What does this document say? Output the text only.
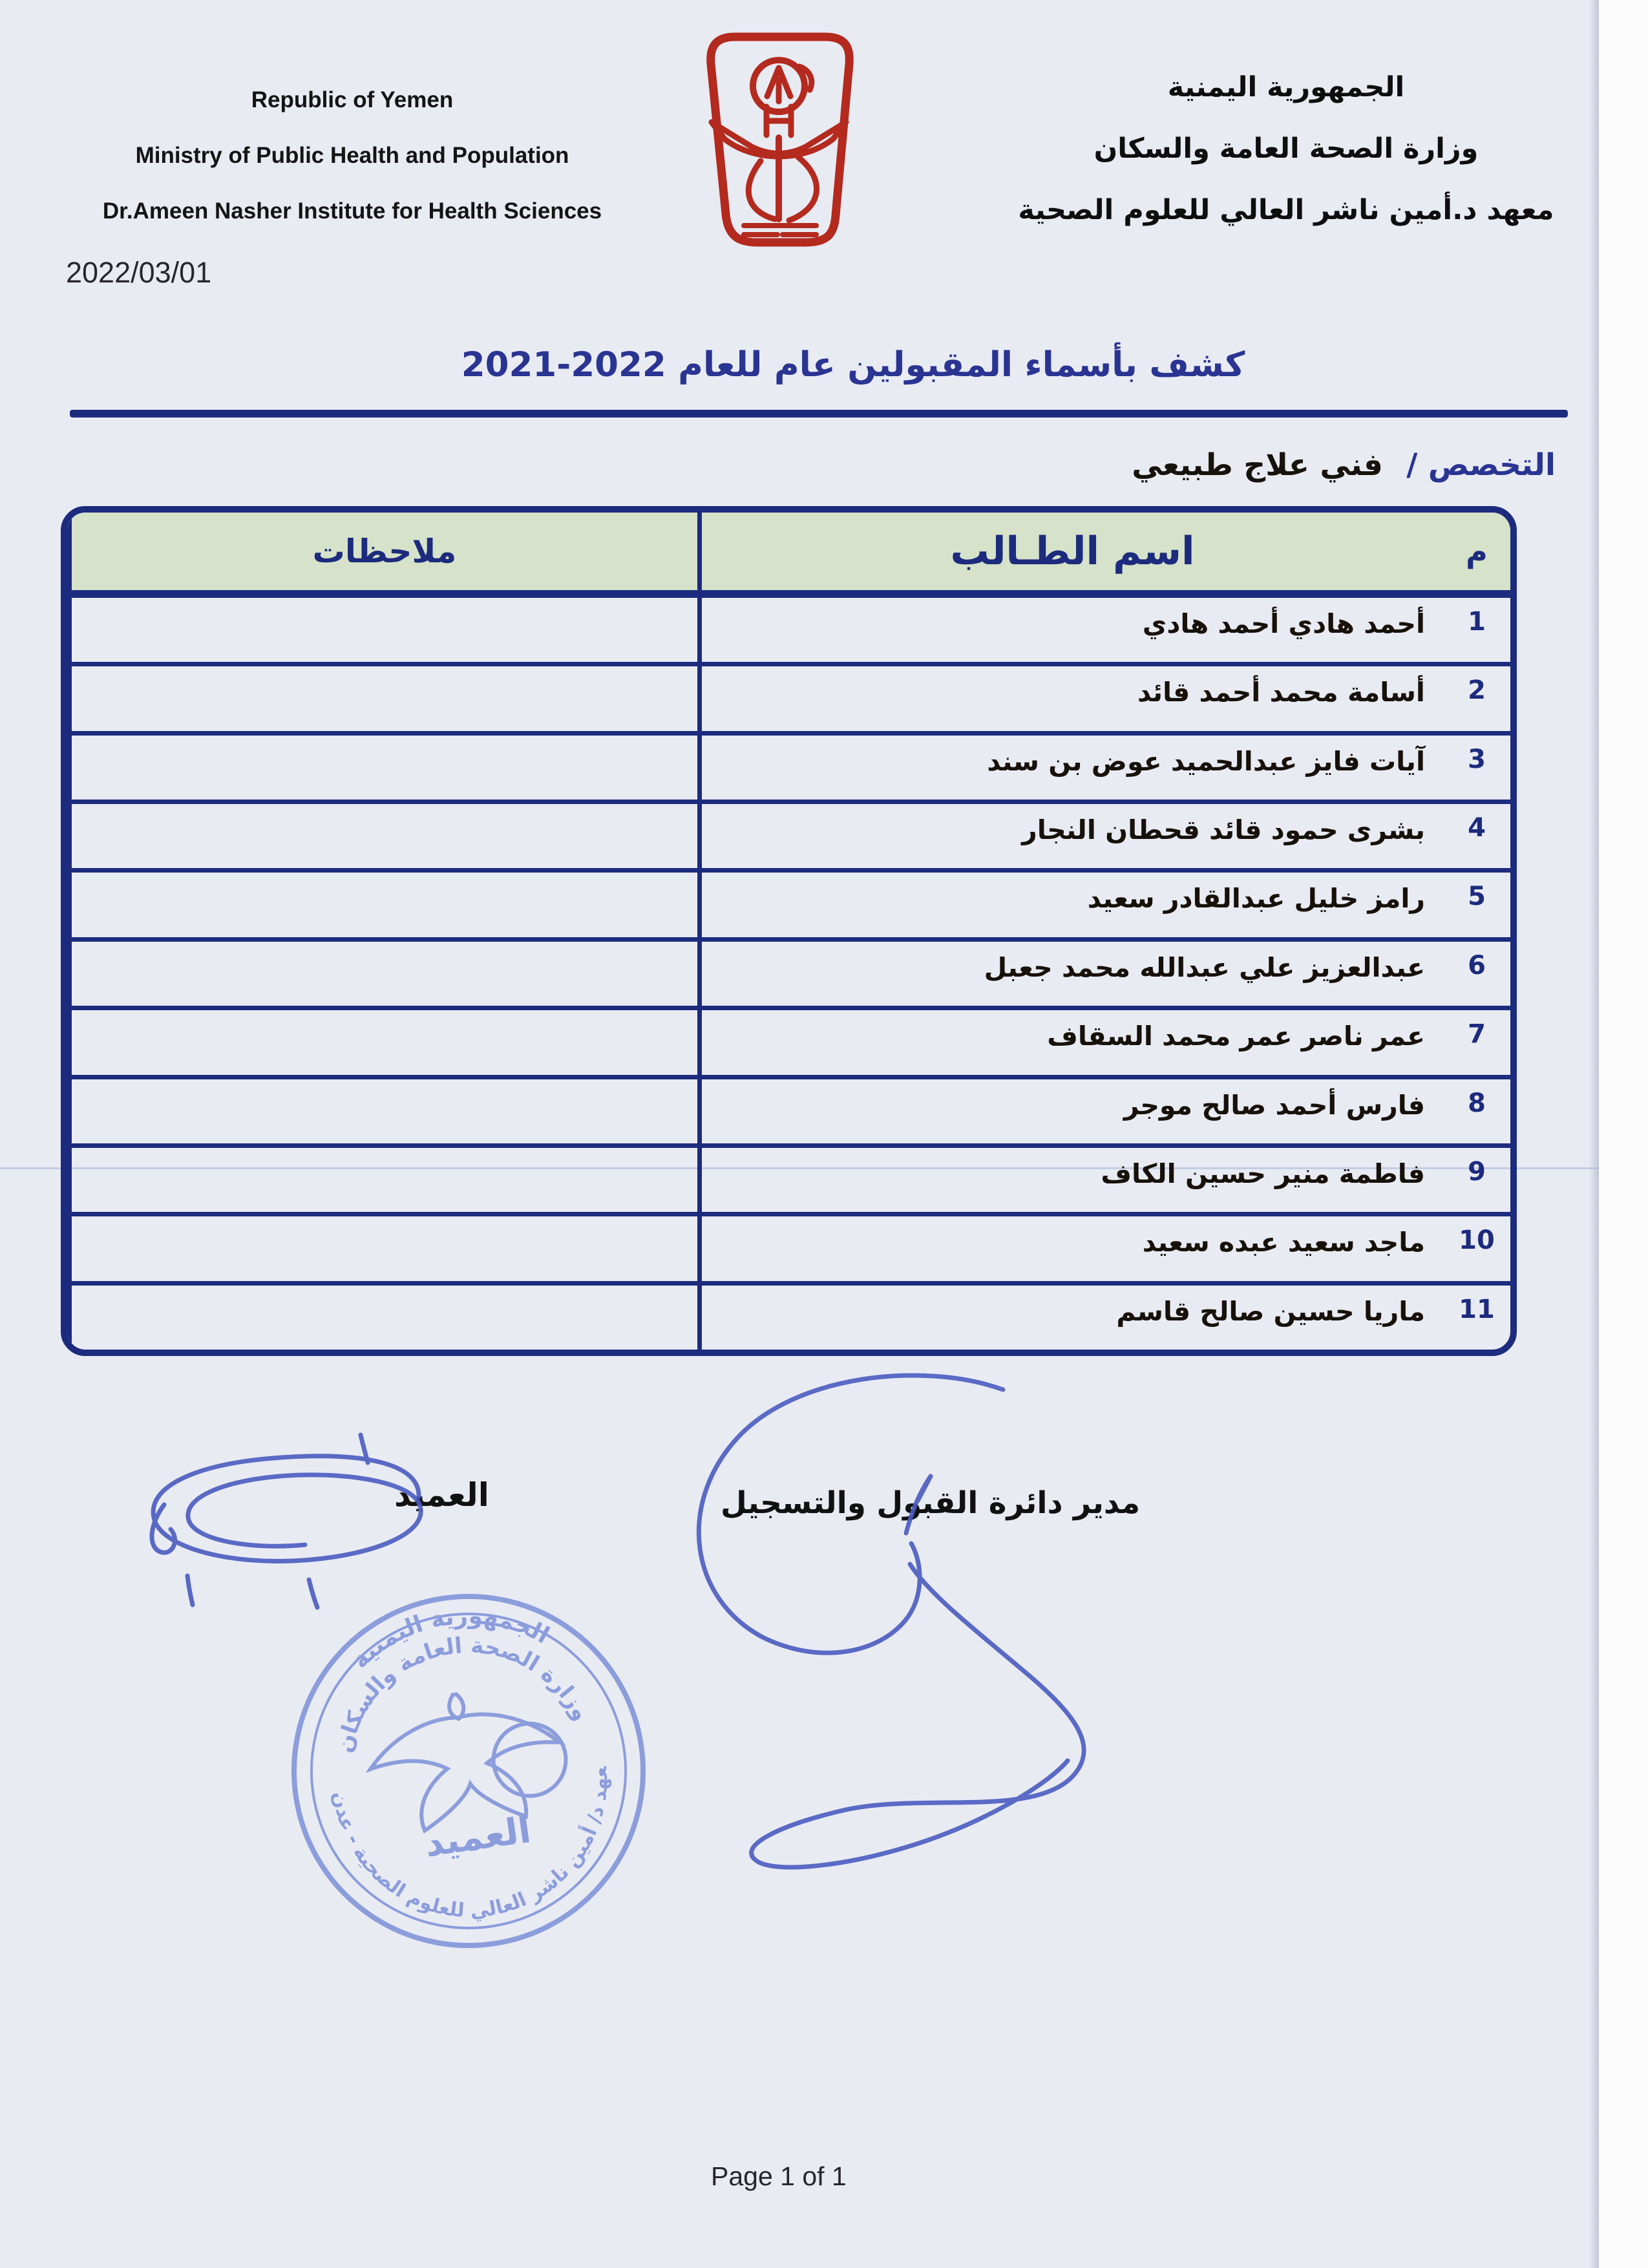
Republic of Yemen
Ministry of Public Health and Population
Dr.Ameen Nasher Institute for Health Sciences
الجمهورية اليمنية
وزارة الصحة العامة والسكان
معهد د.أمين ناشر العالي للعلوم الصحية
2022/03/01
كشف بأسماء المقبولين عام للعام 2022-2021
التخصص / فني علاج طبيعي
م
اسم الطـالب
ملاحظات
1
أحمد هادي أحمد هادي
2
أسامة محمد أحمد قائد
3
آيات فايز عبدالحميد عوض بن سند
4
بشرى حمود قائد قحطان النجار
5
رامز خليل عبدالقادر سعيد
6
عبدالعزيز علي عبدالله محمد جعبل
7
عمر ناصر عمر محمد السقاف
8
فارس أحمد صالح موجر
9
فاطمة منير حسين الكاف
10
ماجد سعيد عبده سعيد
11
ماريا حسين صالح قاسم
العميد	مدير دائرة القبول والتسجيل
الجمهورية اليمنية
وزارة الصحة العامة والسكان
معهد د/ أمين ناشر العالي للعلوم الصحية - عدن
العميد
Page 1 of 1
